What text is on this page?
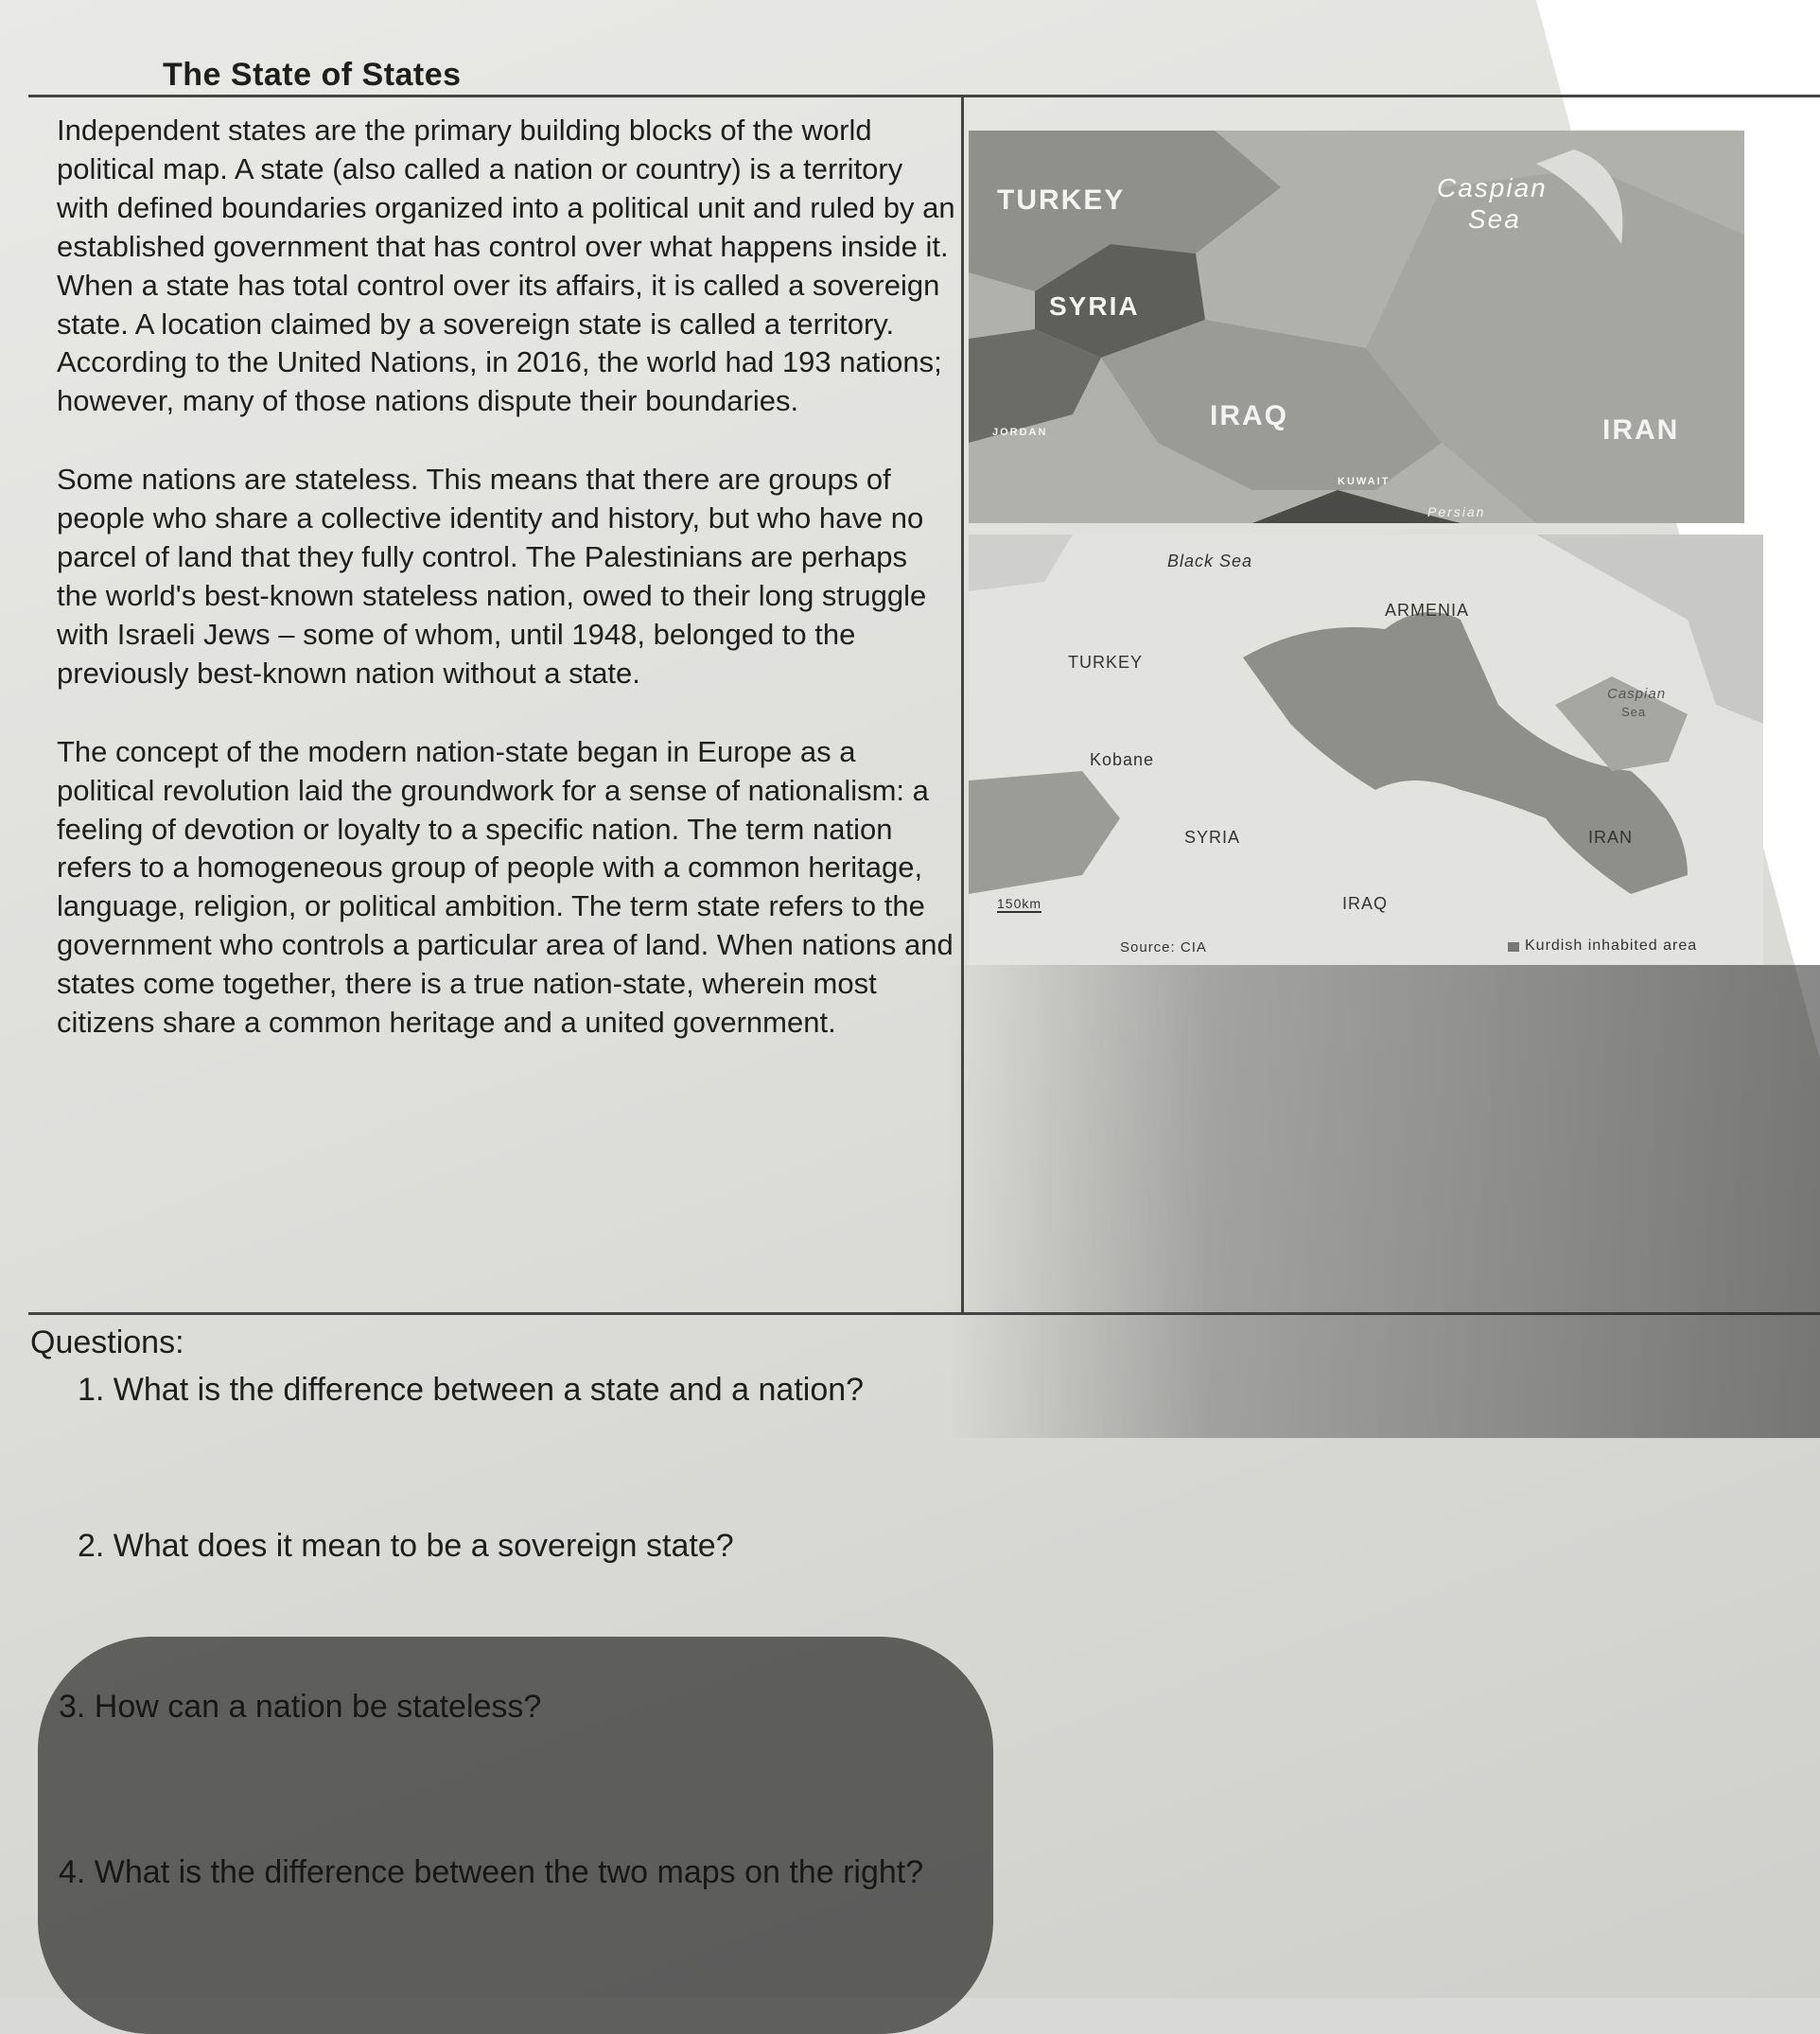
The State of States

Independent states are the primary building blocks of the world political map. A state (also called a nation or country) is a territory with defined boundaries organized into a political unit and ruled by an established government that has control over what happens inside it. When a state has total control over its affairs, it is called a sovereign state. A location claimed by a sovereign state is called a territory. According to the United Nations, in 2016, the world had 193 nations; however, many of those nations dispute their boundaries.

Some nations are stateless. This means that there are groups of people who share a collective identity and history, but who have no parcel of land that they fully control. The Palestinians are perhaps the world's best-known stateless nation, owed to their long struggle with Israeli Jews – some of whom, until 1948, belonged to the previously best-known nation without a state.

The concept of the modern nation-state began in Europe as a political revolution laid the groundwork for a sense of nationalism: a feeling of devotion or loyalty to a specific nation. The term nation refers to a homogeneous group of people with a common heritage, language, religion, or political ambition. The term state refers to the government who controls a particular area of land. When nations and states come together, there is a true nation-state, wherein most citizens share a common heritage and a united government.

TURKEY	Caspian
Sea
SYRIA
IRAQ	IRAN
JORDAN
KUWAIT
Persian
Black Sea
ARMENIA
TURKEY
Caspian
Sea
Kobane
SYRIA	IRAN
IRAQ
150km
Source: CIA	Kurdish inhabited area
Questions:
1. What is the difference between a state and a nation?
2. What does it mean to be a sovereign state?
